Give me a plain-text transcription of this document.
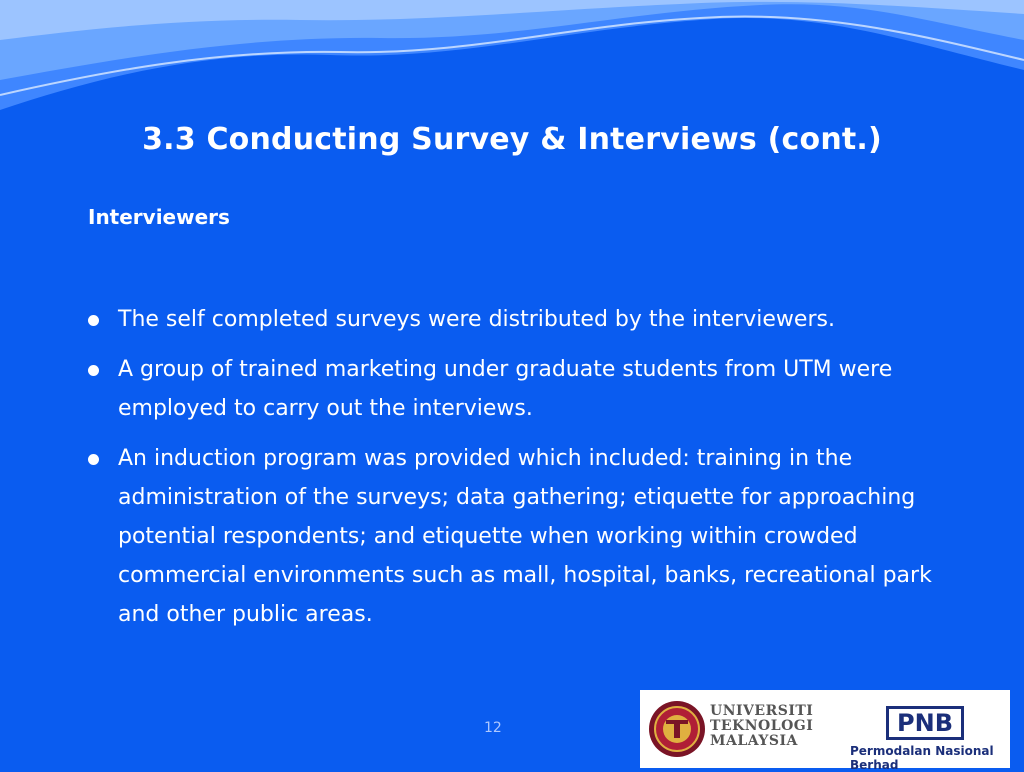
3.3 Conducting Survey & Interviews (cont.)
Interviewers
The self completed surveys were distributed by the interviewers.
A group of trained marketing under graduate students from UTM were employed to carry out the interviews.
An induction program was provided which included: training in the administration of the surveys; data gathering; etiquette for approaching potential respondents; and etiquette when working within crowded commercial environments such as mall, hospital, banks, recreational park and other public areas.
12
UNIVERSITI
TEKNOLOGI
MALAYSIA
PNB
Permodalan Nasional Berhad
